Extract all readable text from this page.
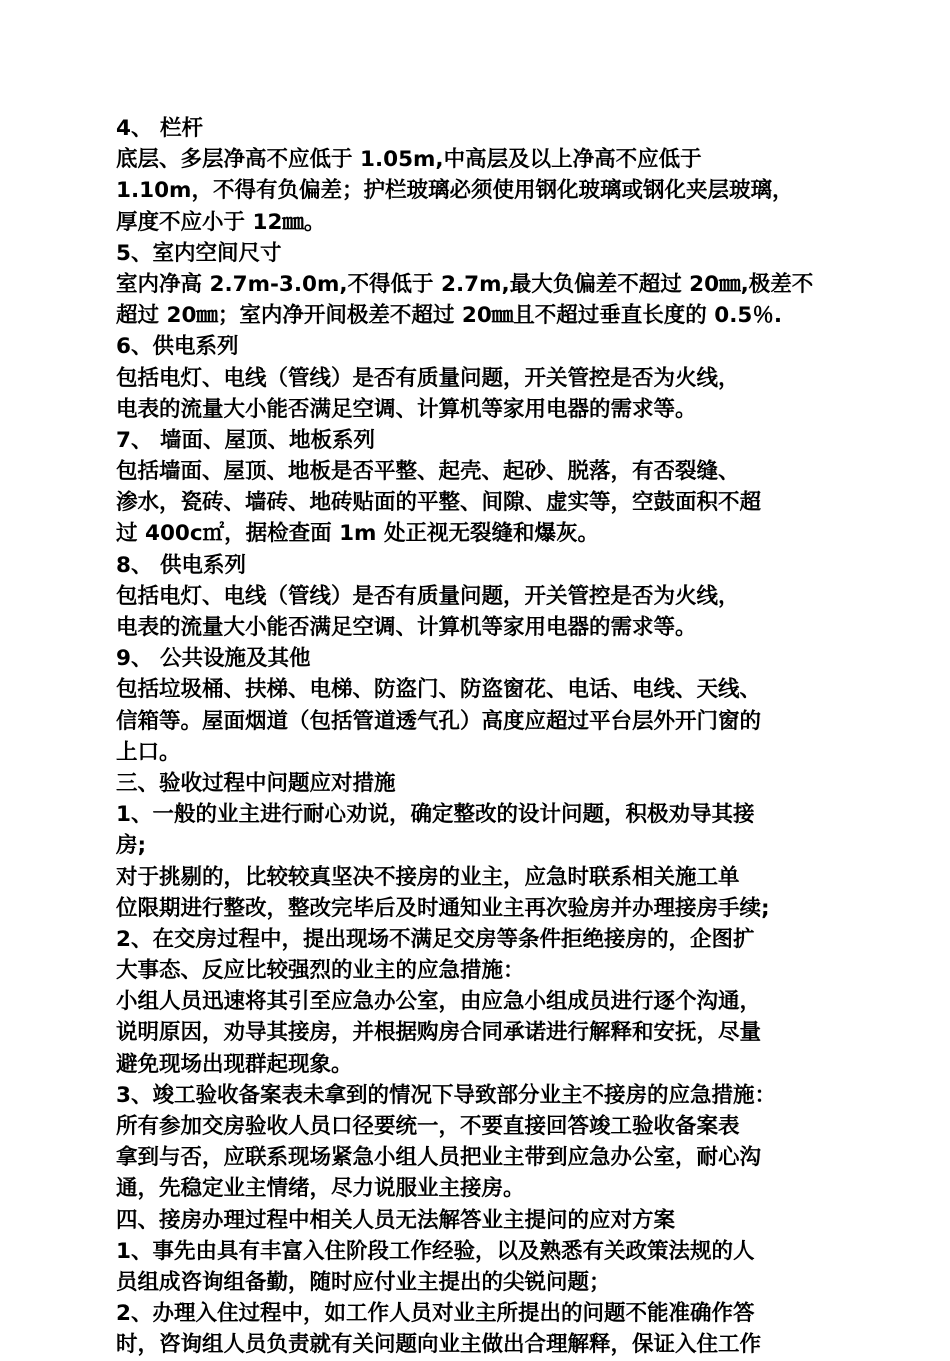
4、 栏杆
底层、多层净高不应低于 1.05m,中高层及以上净高不应低于
1.10m，不得有负偏差；护栏玻璃必须使用钢化玻璃或钢化夹层玻璃，
厚度不应小于 12㎜。
5、室内空间尺寸
室内净高 2.7m-3.0m,不得低于 2.7m,最大负偏差不超过 20㎜,极差不
超过 20㎜；室内净开间极差不超过 20㎜且不超过垂直长度的 0.5％.
6、供电系列
包括电灯、电线（管线）是否有质量问题，开关管控是否为火线，
电表的流量大小能否满足空调、计算机等家用电器的需求等。
7、 墙面、屋顶、地板系列
包括墙面、屋顶、地板是否平整、起壳、起砂、脱落，有否裂缝、
渗水，瓷砖、墙砖、地砖贴面的平整、间隙、虚实等，空鼓面积不超
过 400c㎡，据检查面 1m 处正视无裂缝和爆灰。
8、 供电系列
包括电灯、电线（管线）是否有质量问题，开关管控是否为火线，
电表的流量大小能否满足空调、计算机等家用电器的需求等。
9、 公共设施及其他
包括垃圾桶、扶梯、电梯、防盗门、防盗窗花、电话、电线、天线、
信箱等。屋面烟道（包括管道透气孔）高度应超过平台层外开门窗的
上口。
三、验收过程中问题应对措施
1、一般的业主进行耐心劝说，确定整改的设计问题，积极劝导其接
房;
对于挑剔的，比较较真坚决不接房的业主，应急时联系相关施工单
位限期进行整改，整改完毕后及时通知业主再次验房并办理接房手续;
2、在交房过程中，提出现场不满足交房等条件拒绝接房的，企图扩
大事态、反应比较强烈的业主的应急措施：
小组人员迅速将其引至应急办公室，由应急小组成员进行逐个沟通，
说明原因，劝导其接房，并根据购房合同承诺进行解释和安抚，尽量
避免现场出现群起现象。
3、竣工验收备案表未拿到的情况下导致部分业主不接房的应急措施：
所有参加交房验收人员口径要统一，不要直接回答竣工验收备案表
拿到与否，应联系现场紧急小组人员把业主带到应急办公室，耐心沟
通，先稳定业主情绪，尽力说服业主接房。
四、接房办理过程中相关人员无法解答业主提问的应对方案
1、事先由具有丰富入住阶段工作经验，以及熟悉有关政策法规的人
员组成咨询组备勤，随时应付业主提出的尖锐问题；
2、办理入住过程中，如工作人员对业主所提出的问题不能准确作答
时，咨询组人员负责就有关问题向业主做出合理解释，保证入住工作
